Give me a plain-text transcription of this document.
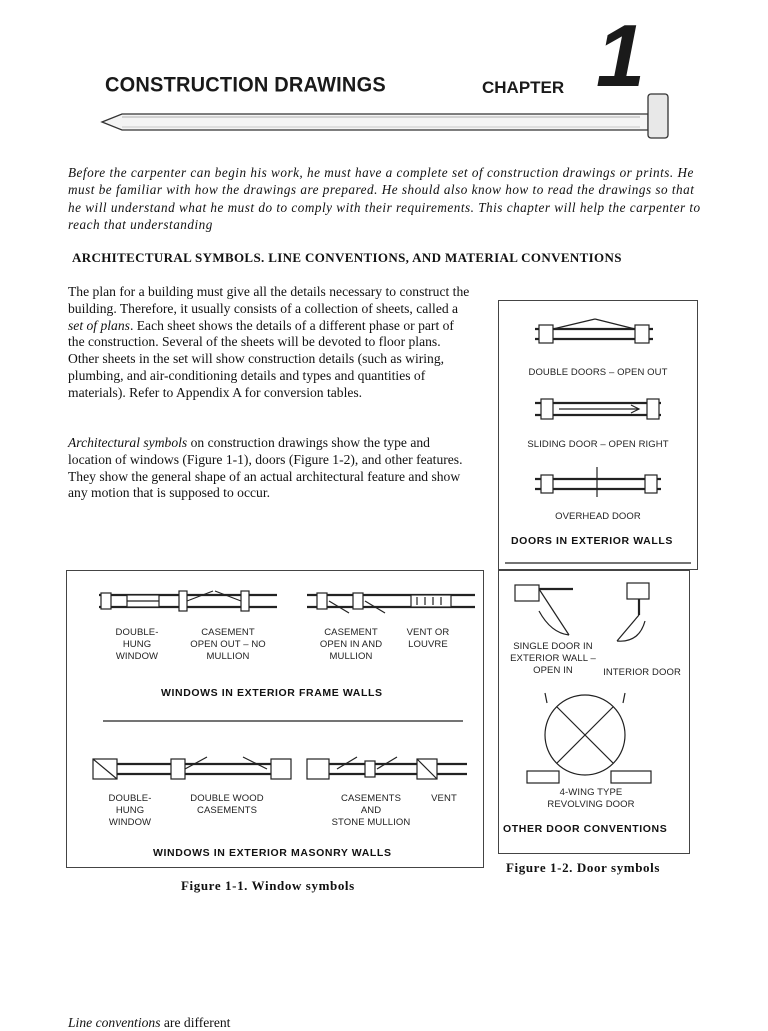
CONSTRUCTION DRAWINGS	CHAPTER 1
Before the carpenter can begin his work, he must have a complete set of construction drawings or prints. He must be familiar with how the drawings are prepared. He should also know how to read the drawings so that he will understand what he must do to comply with their requirements. This chapter will help the carpenter to reach that understanding
ARCHITECTURAL SYMBOLS. LINE CONVENTIONS, AND MATERIAL CONVENTIONS
The plan for a building must give all the details necessary to construct the building. Therefore, it usually consists of a collection of sheets, called a set of plans. Each sheet shows the details of a different phase or part of the construction. Several of the sheets will be devoted to floor plans. Other sheets in the set will show construction details (such as wiring, plumbing, and air-conditioning details and types and quantities of materials). Refer to Appendix A for conversion tables.
Architectural symbols on construction drawings show the type and location of windows (Figure 1-1), doors (Figure 1-2), and other features. They show the general shape of an actual architectural feature and show any motion that is supposed to occur.
DOUBLE-
HUNG
WINDOW
CASEMENT
OPEN OUT – NO
MULLION
CASEMENT
OPEN IN AND
MULLION
VENT OR
LOUVRE
WINDOWS IN EXTERIOR FRAME WALLS
DOUBLE-
HUNG
WINDOW
DOUBLE WOOD
CASEMENTS
CASEMENTS
AND
STONE MULLION
VENT
WINDOWS IN EXTERIOR MASONRY WALLS
Figure 1-1. Window symbols
DOUBLE DOORS – OPEN OUT
SLIDING DOOR – OPEN RIGHT
OVERHEAD DOOR
DOORS IN EXTERIOR WALLS
SINGLE DOOR IN
EXTERIOR WALL –
OPEN IN	INTERIOR DOOR
4-WING TYPE
REVOLVING DOOR
OTHER DOOR CONVENTIONS
Figure 1-2. Door symbols
Line conventions are different
